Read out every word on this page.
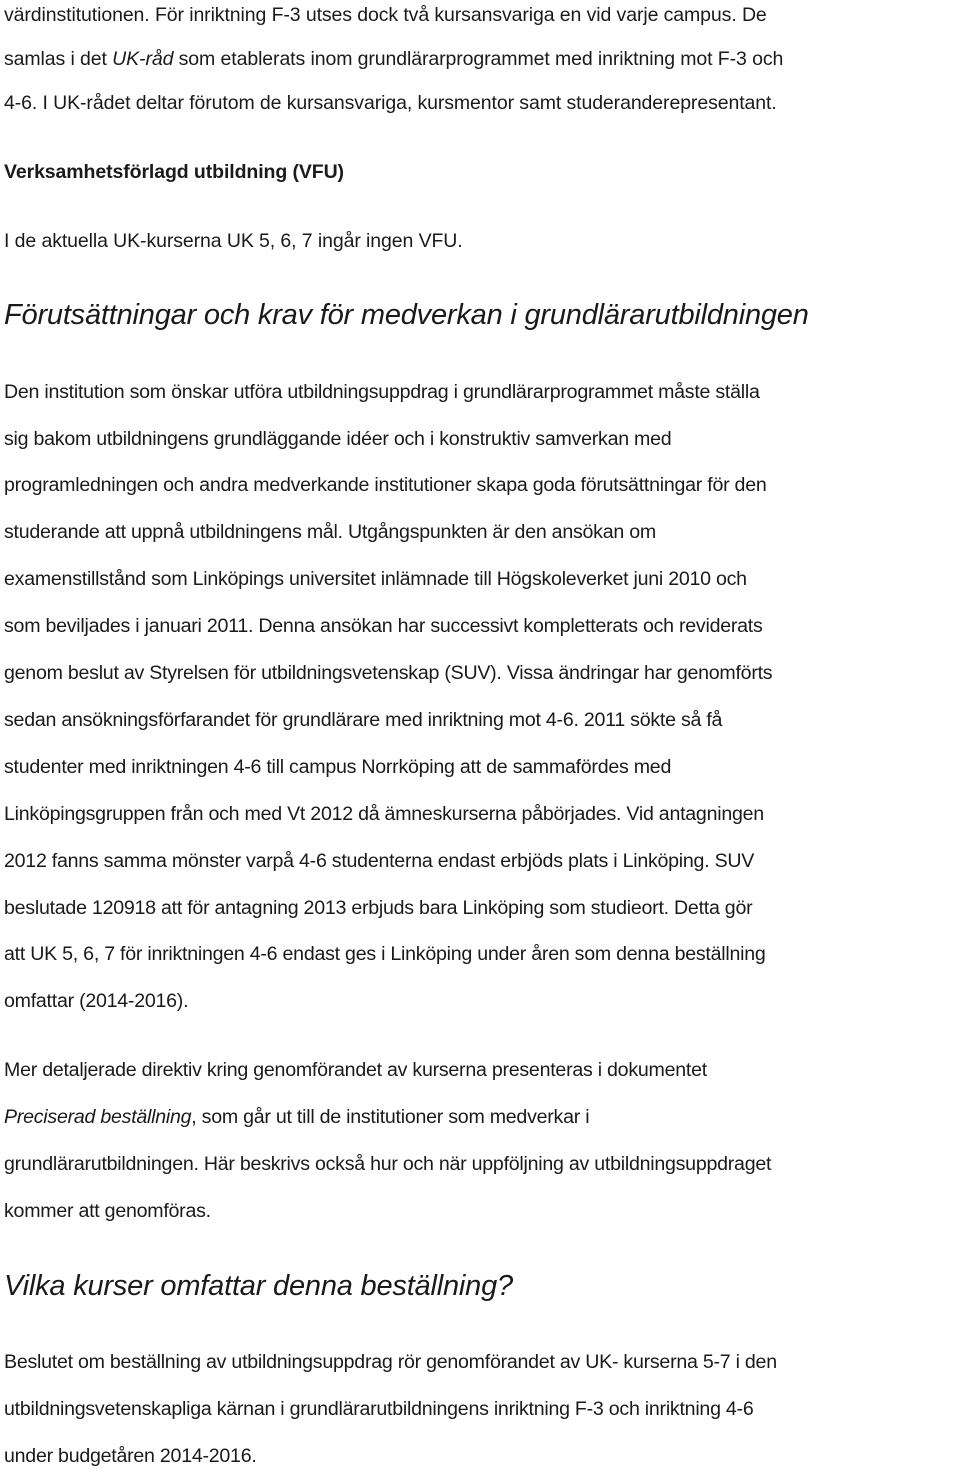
värdinstitutionen. För inriktning F-3 utses dock två kursansvariga en vid varje campus. De
samlas i det UK-råd som etablerats inom grundlärarprogrammet med inriktning mot F-3 och
4-6. I UK-rådet deltar förutom de kursansvariga, kursmentor samt studeranderepresentant.
Verksamhetsförlagd utbildning (VFU)
I de aktuella UK-kurserna UK 5, 6, 7 ingår ingen VFU.
Förutsättningar och krav för medverkan i grundlärarutbildningen
Den institution som önskar utföra utbildningsuppdrag i grundlärarprogrammet måste ställa
sig bakom utbildningens grundläggande idéer och i konstruktiv samverkan med
programledningen och andra medverkande institutioner skapa goda förutsättningar för den
studerande att uppnå utbildningens mål. Utgångspunkten är den ansökan om
examenstillstånd som Linköpings universitet inlämnade till Högskoleverket juni 2010 och
som beviljades i januari 2011. Denna ansökan har successivt kompletterats och reviderats
genom beslut av Styrelsen för utbildningsvetenskap (SUV). Vissa ändringar har genomförts
sedan ansökningsförfarandet för grundlärare med inriktning mot 4-6. 2011 sökte så få
studenter med inriktningen 4-6 till campus Norrköping att de sammafördes med
Linköpingsgruppen från och med Vt 2012 då ämneskurserna påbörjades. Vid antagningen
2012 fanns samma mönster varpå 4-6 studenterna endast erbjöds plats i Linköping. SUV
beslutade 120918 att för antagning 2013 erbjuds bara Linköping som studieort. Detta gör
att UK 5, 6, 7 för inriktningen 4-6 endast ges i Linköping under åren som denna beställning
omfattar (2014-2016).
Mer detaljerade direktiv kring genomförandet av kurserna presenteras i dokumentet
Preciserad beställning, som går ut till de institutioner som medverkar i
grundlärarutbildningen. Här beskrivs också hur och när uppföljning av utbildningsuppdraget
kommer att genomföras.
Vilka kurser omfattar denna beställning?
Beslutet om beställning av utbildningsuppdrag rör genomförandet av UK- kurserna 5-7 i den
utbildningsvetenskapliga kärnan i grundlärarutbildningens inriktning F-3 och inriktning 4-6
under budgetåren 2014-2016.
